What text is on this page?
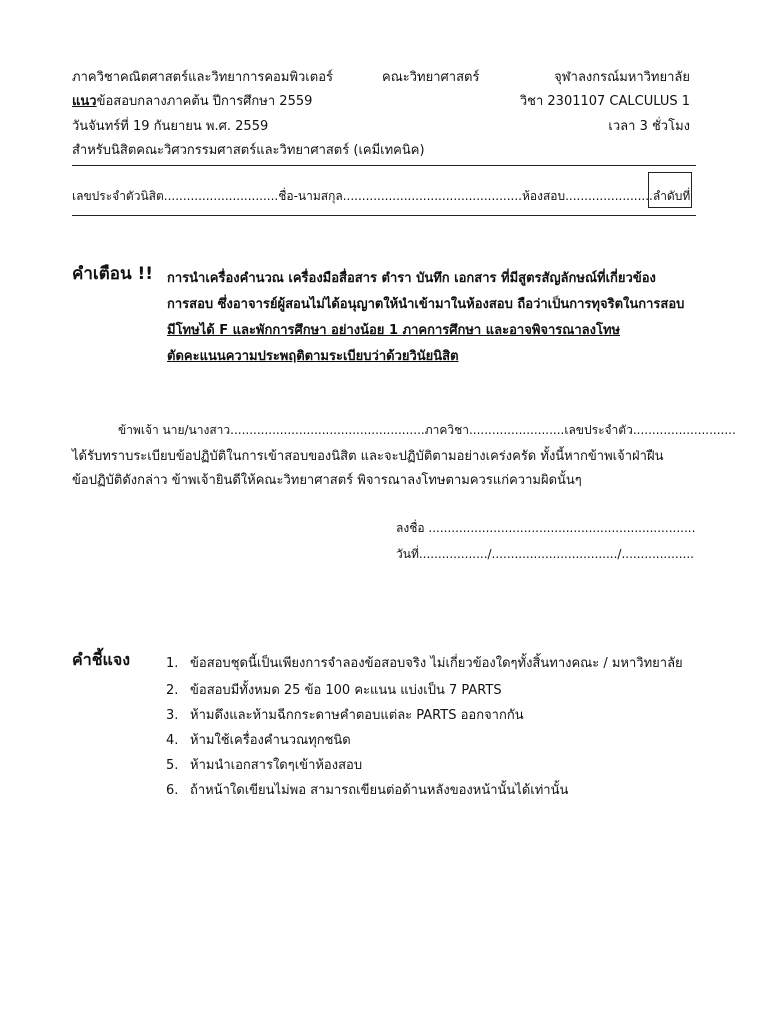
ภาควิชาคณิตศาสตร์และวิทยาการคอมพิวเตอร์	คณะวิทยาศาสตร์	จุฬาลงกรณ์มหาวิทยาลัย
แนวข้อสอบกลางภาคต้น ปีการศึกษา 2559	วิชา 2301107 CALCULUS 1
วันจันทร์ที่ 19 กันยายน พ.ศ. 2559	เวลา 3 ชั่วโมง
สำหรับนิสิตคณะวิศวกรรมศาสตร์และวิทยาศาสตร์ (เคมีเทคนิค)
เลขประจำตัวนิสิต..............................ชื่อ-นามสกุล...............................................ห้องสอบ.......................ลำดับที่
คำเตือน !! การนำเครื่องคำนวณ เครื่องมือสื่อสาร ตำรา บันทึก เอกสาร ที่มีสูตรสัญลักษณ์ที่เกี่ยวข้อง
การสอบ ซึ่งอาจารย์ผู้สอนไม่ได้อนุญาตให้นำเข้ามาในห้องสอบ ถือว่าเป็นการทุจริตในการสอบ
มีโทษได้ F และพักการศึกษา อย่างน้อย 1 ภาคการศึกษา และอาจพิจารณาลงโทษ
ตัดคะแนนความประพฤติตามระเบียบว่าด้วยวินัยนิสิต
ข้าพเจ้า นาย/นางสาว...................................................ภาควิชา.........................เลขประจำตัว...........................
ได้รับทราบระเบียบข้อปฏิบัติในการเข้าสอบของนิสิต และจะปฏิบัติตามอย่างเคร่งครัด ทั้งนี้หากข้าพเจ้าฝ่าฝืน
ข้อปฏิบัติดังกล่าว ข้าพเจ้ายินดีให้คณะวิทยาศาสตร์ พิจารณาลงโทษตามควรแก่ความผิดนั้นๆ
ลงชื่อ ......................................................................
วันที่................../................................./...................
คำชี้แจง	1. ข้อสอบชุดนี้เป็นเพียงการจำลองข้อสอบจริง ไม่เกี่ยวข้องใดๆทั้งสิ้นทางคณะ / มหาวิทยาลัย
2. ข้อสอบมีทั้งหมด 25 ข้อ 100 คะแนน แบ่งเป็น 7 PARTS
3. ห้ามดึงและห้ามฉีกกระดาษคำตอบแต่ละ PARTS ออกจากกัน
4. ห้ามใช้เครื่องคำนวณทุกชนิด
5. ห้ามนำเอกสารใดๆเข้าห้องสอบ
6. ถ้าหน้าใดเขียนไม่พอ สามารถเขียนต่อด้านหลังของหน้านั้นได้เท่านั้น
